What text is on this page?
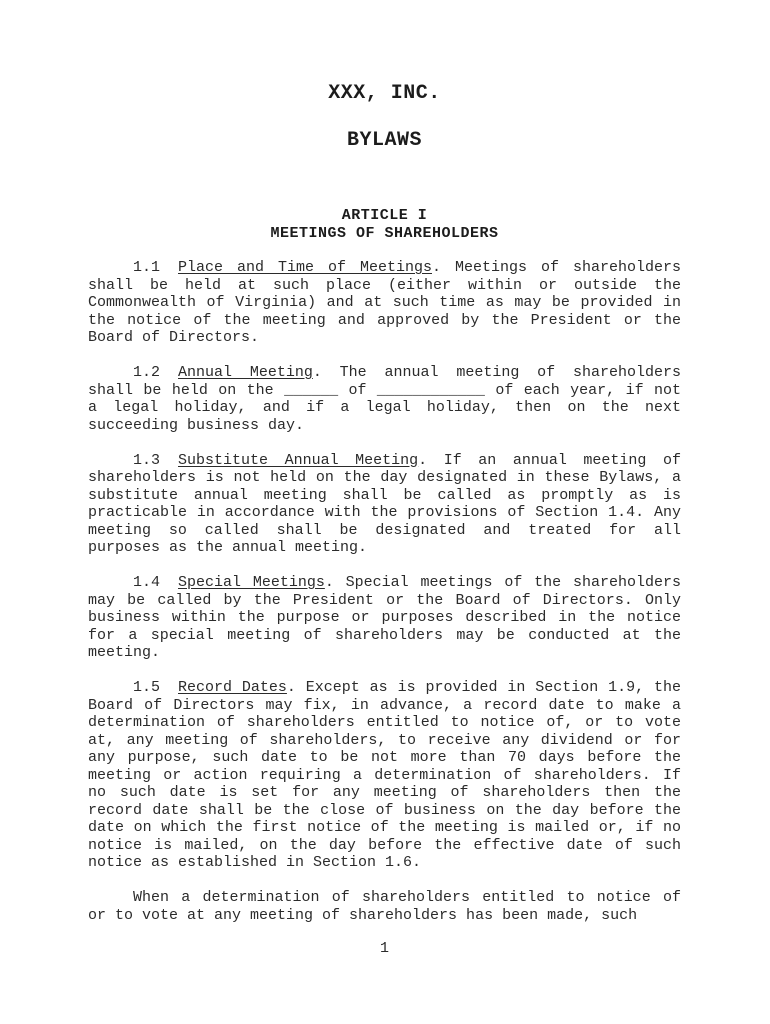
XXX, INC.
BYLAWS
ARTICLE I
MEETINGS OF SHAREHOLDERS

1.1 Place and Time of Meetings. Meetings of shareholders shall be held at such place (either within or outside the Commonwealth of Virginia) and at such time as may be provided in the notice of the meeting and approved by the President or the Board of Directors.

1.2 Annual Meeting. The annual meeting of shareholders shall be held on the ______ of ____________ of each year, if not a legal holiday, and if a legal holiday, then on the next succeeding business day.

1.3 Substitute Annual Meeting. If an annual meeting of shareholders is not held on the day designated in these Bylaws, a substitute annual meeting shall be called as promptly as is practicable in accordance with the provisions of Section 1.4. Any meeting so called shall be designated and treated for all purposes as the annual meeting.

1.4 Special Meetings. Special meetings of the shareholders may be called by the President or the Board of Directors. Only business within the purpose or purposes described in the notice for a special meeting of shareholders may be conducted at the meeting.

1.5 Record Dates. Except as is provided in Section 1.9, the Board of Directors may fix, in advance, a record date to make a determination of shareholders entitled to notice of, or to vote at, any meeting of shareholders, to receive any dividend or for any purpose, such date to be not more than 70 days before the meeting or action requiring a determination of shareholders. If no such date is set for any meeting of shareholders then the record date shall be the close of business on the day before the date on which the first notice of the meeting is mailed or, if no notice is mailed, on the day before the effective date of such notice as established in Section 1.6.

When a determination of shareholders entitled to notice of or to vote at any meeting of shareholders has been made, such

1
